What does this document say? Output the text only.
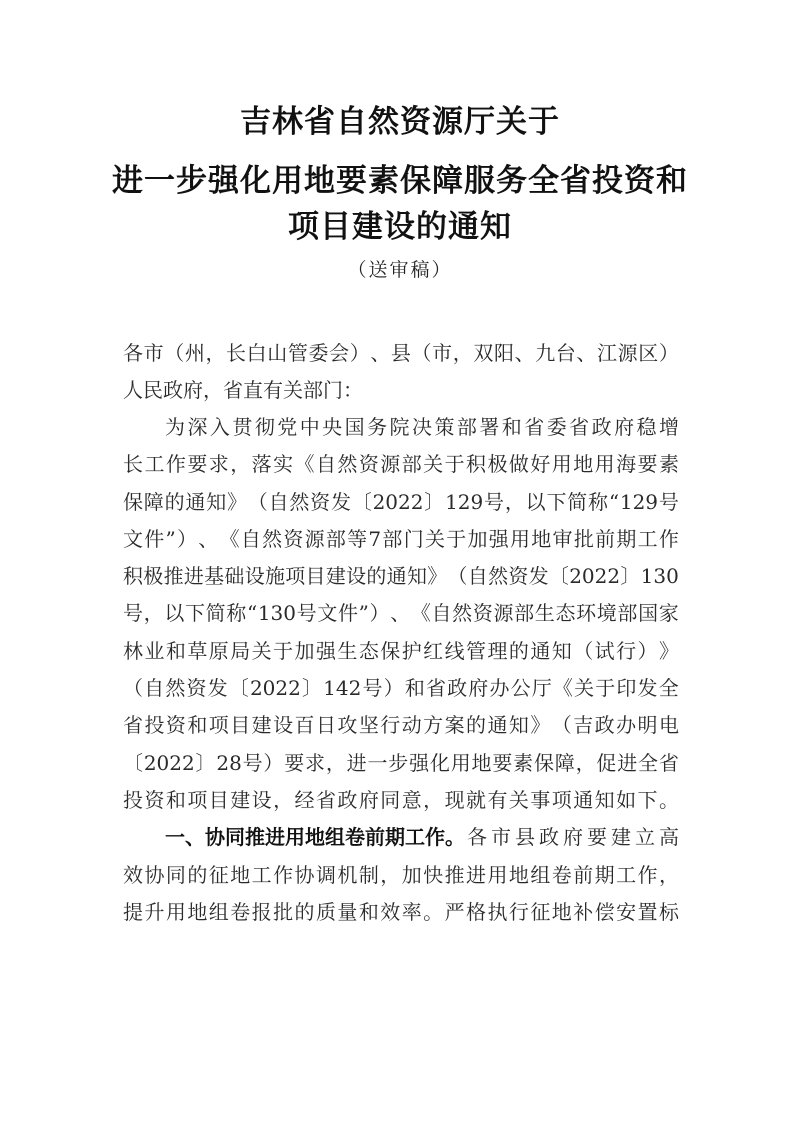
吉林省自然资源厅关于
进一步强化用地要素保障服务全省投资和
项目建设的通知
（送审稿）
各 市 （ 州 ， 长 白 山 管 委 会 ） 、 县 （ 市 ， 双 阳 、 九 台 、 江 源 区 ）
人民政府，省直有关部门：
为 深 入 贯 彻 党 中 央 国 务 院 决 策 部 署 和 省 委 省 政 府 稳 增
长 工 作 要 求 ， 落 实 《 自 然 资 源 部 关 于 积 极 做 好 用 地 用 海 要 素
保 障 的 通 知 》 （ 自 然 资 发 〔 2022 〕 129 号 ， 以 下 简 称 “ 129 号
文 件 ” ） 、 《 自 然 资 源 部 等 7 部 门 关 于 加 强 用 地 审 批 前 期 工 作
积 极 推 进 基 础 设 施 项 目 建 设 的 通 知 》 （ 自 然 资 发 〔 2022 〕 130
号 ， 以 下 简 称 “ 130 号 文 件 ” ） 、 《 自 然 资 源 部 生 态 环 境 部 国 家
林 业 和 草 原 局 关 于 加 强 生 态 保 护 红 线 管 理 的 通 知 （ 试 行 ） 》
（ 自 然 资 发 〔 2022 〕 142 号 ） 和 省 政 府 办 公 厅 《 关 于 印 发 全
省 投 资 和 项 目 建 设 百 日 攻 坚 行 动 方 案 的 通 知 》 （ 吉 政 办 明 电
〔 2022 〕 28 号 ） 要 求 ， 进 一 步 强 化 用 地 要 素 保 障 ， 促 进 全 省
投 资 和 项 目 建 设 ， 经 省 政 府 同 意 ， 现 就 有 关 事 项 通 知 如 下 。
一、协同推进用地组卷前期工作。 各 市 县 政 府 要 建 立 高
效 协 同 的 征 地 工 作 协 调 机 制 ， 加 快 推 进 用 地 组 卷 前 期 工 作 ，
提 升 用 地 组 卷 报 批 的 质 量 和 效 率 。 严 格 执 行 征 地 补 偿 安 置 标
